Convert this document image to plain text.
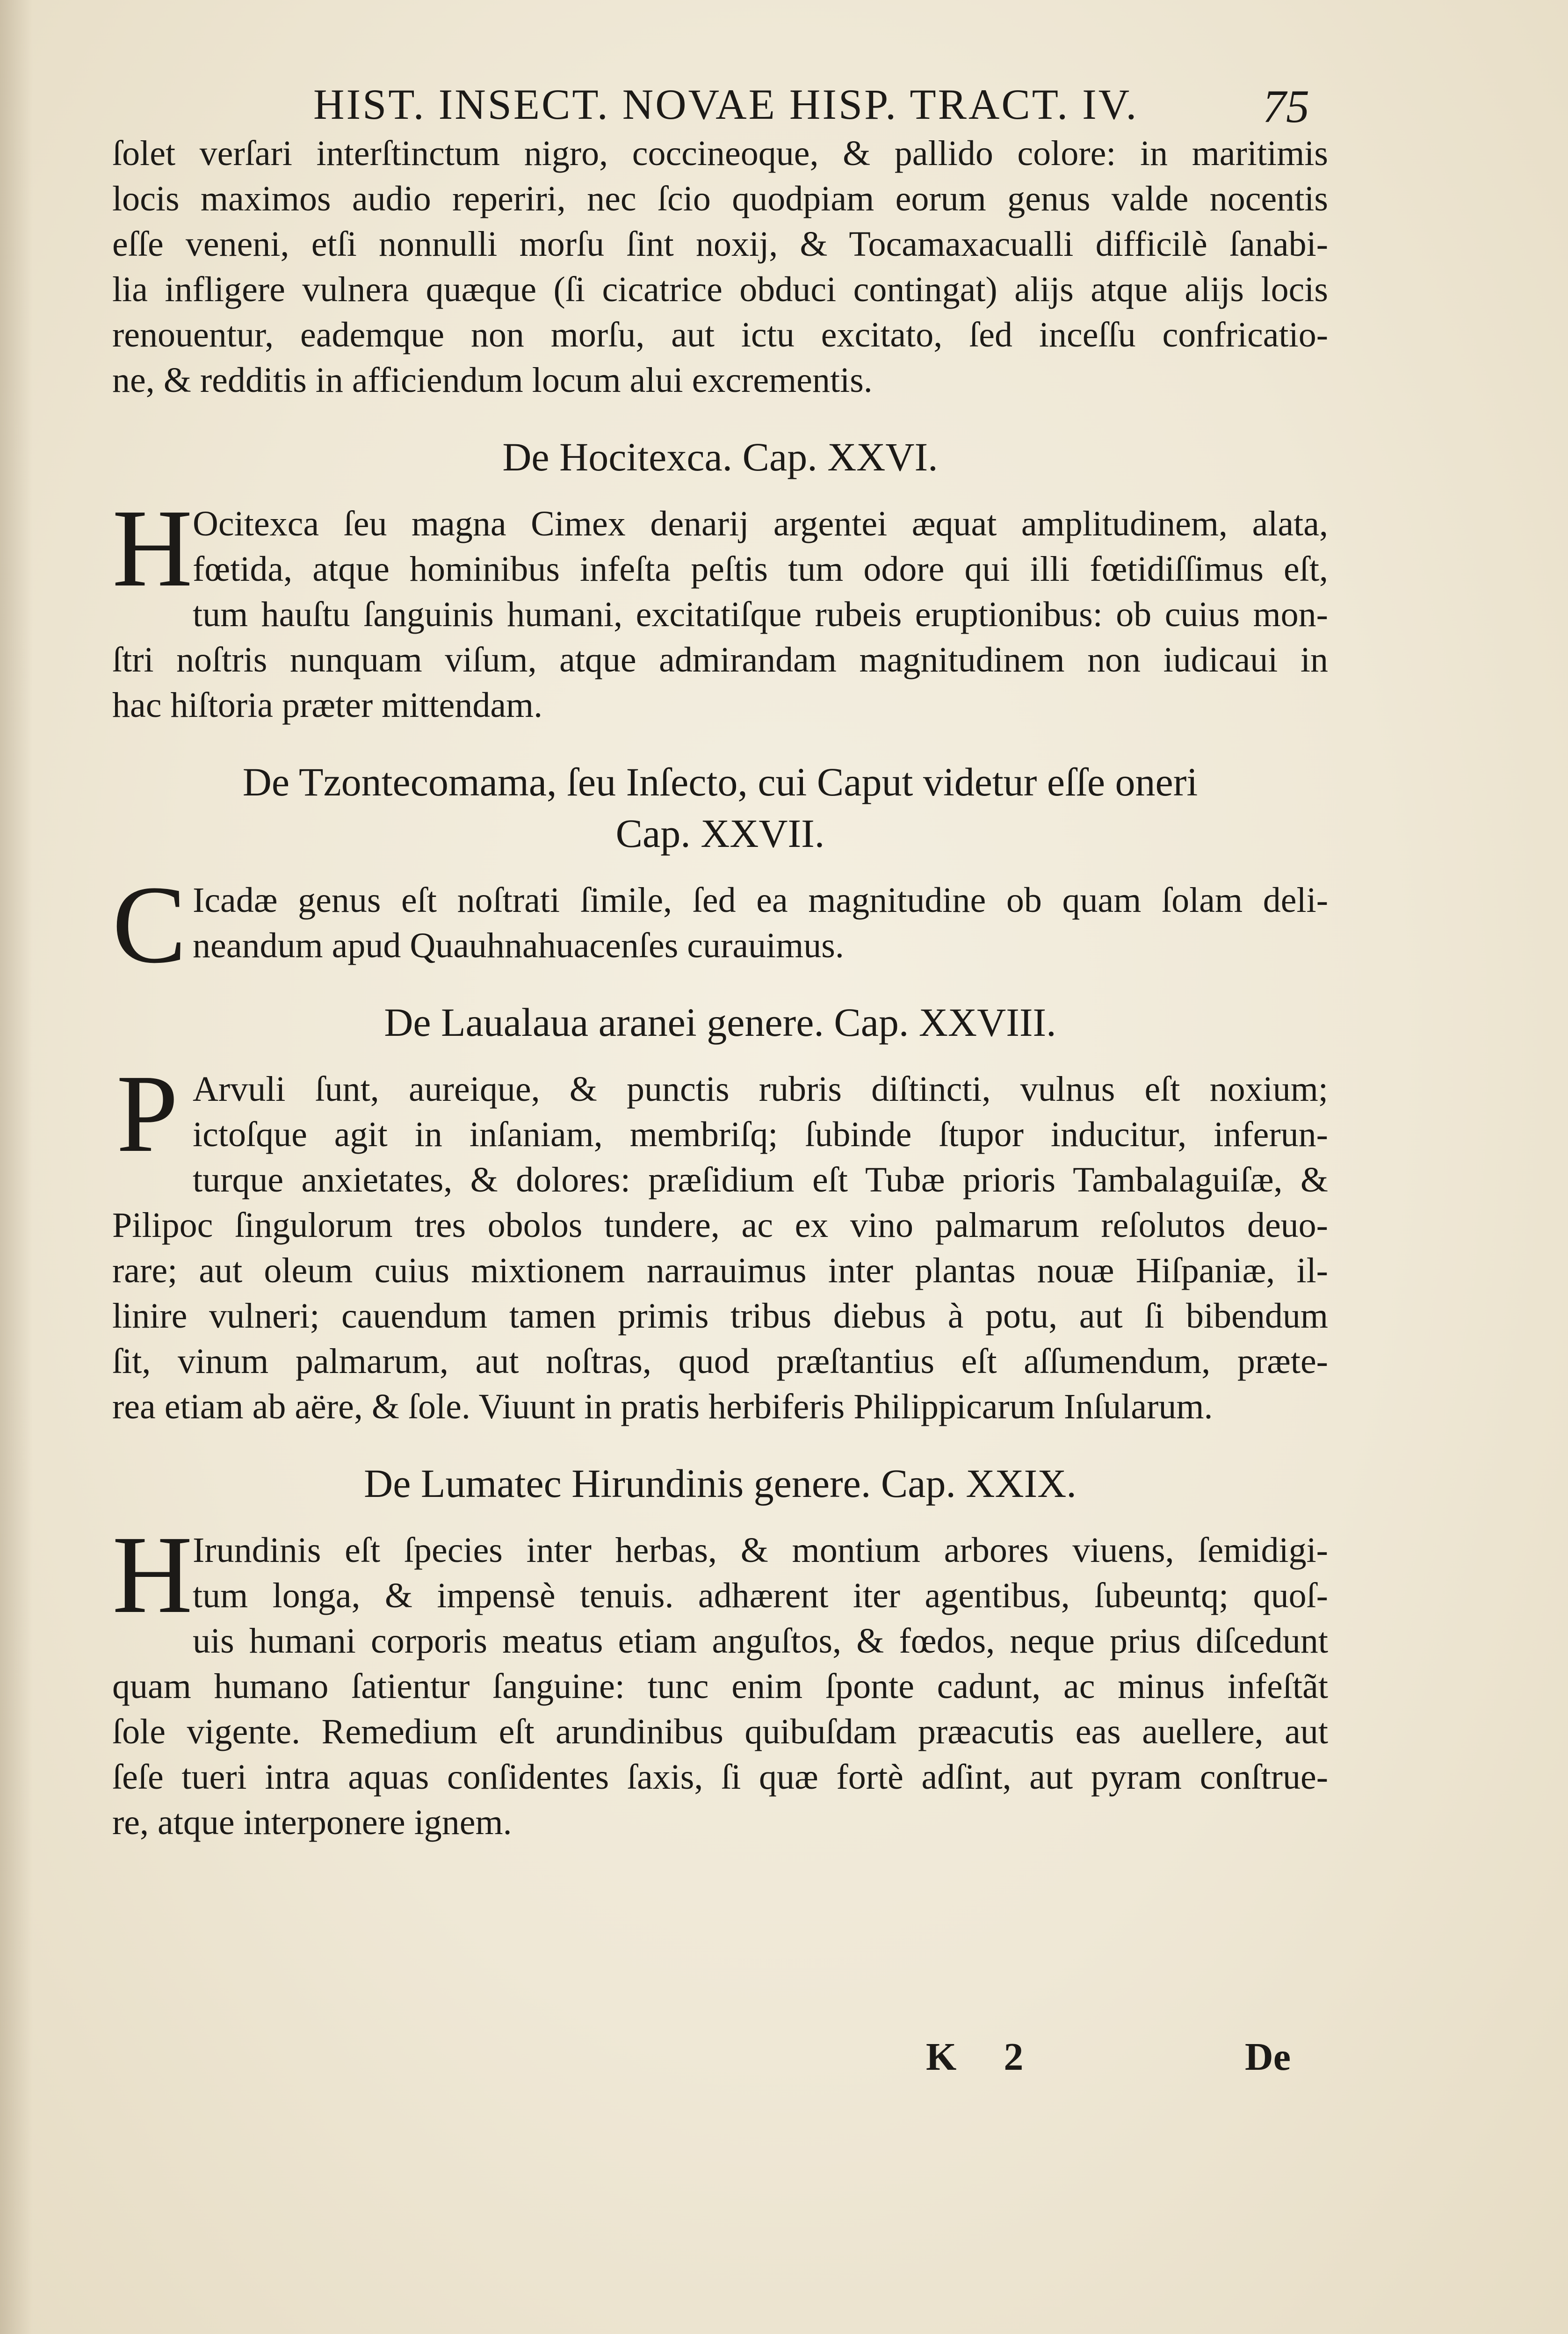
HIST. INSECT. NOVAE HISP. TRACT. IV.	75

ſolet verſari interſtinctum nigro, coccineoque, & pallido colore: in maritimis
locis maximos audio reperiri, nec ſcio quodpiam eorum genus valde nocentis
eſſe veneni, etſi nonnulli morſu ſint noxij, & Tocamaxacualli difficilè ſanabi-
lia infligere vulnera quæque (ſi cicatrice obduci contingat) alijs atque alijs locis
renouentur, eademque non morſu, aut ictu excitato, ſed inceſſu confricatio-
ne, & redditis in afficiendum locum alui excrementis.

De Hocitexca. Cap. XXVI.

H Ocitexca ſeu magna Cimex denarij argentei æquat amplitudinem, alata,
fœtida, atque hominibus infeſta peſtis tum odore qui illi fœtidiſſimus eſt,
tum hauſtu ſanguinis humani, excitatiſque rubeis eruptionibus: ob cuius mon-
ſtri noſtris nunquam viſum, atque admirandam magnitudinem non iudicaui in
hac hiſtoria præter mittendam.

De Tzontecomama, ſeu Inſecto, cui Caput videtur eſſe oneri
Cap. XXVII.

C Icadæ genus eſt noſtrati ſimile, ſed ea magnitudine ob quam ſolam deli-
neandum apud Quauhnahuacenſes curauimus.

De Laualaua aranei genere. Cap. XXVIII.

P Arvuli ſunt, aureique, & punctis rubris diſtincti, vulnus eſt noxium;
ictoſque agit in inſaniam, membriſq; ſubinde ſtupor inducitur, inferun-
turque anxietates, & dolores: præſidium eſt Tubæ prioris Tambalaguiſæ, &
Pilipoc ſingulorum tres obolos tundere, ac ex vino palmarum reſolutos deuo-
rare; aut oleum cuius mixtionem narrauimus inter plantas nouæ Hiſpaniæ, il-
linire vulneri; cauendum tamen primis tribus diebus à potu, aut ſi bibendum
ſit, vinum palmarum, aut noſtras, quod præſtantius eſt aſſumendum, præte-
rea etiam ab aëre, & ſole. Viuunt in pratis herbiferis Philippicarum Inſularum.

De Lumatec Hirundinis genere. Cap. XXIX.

H Irundinis eſt ſpecies inter herbas, & montium arbores viuens, ſemidigi-
tum longa, & impensè tenuis. adhærent iter agentibus, ſubeuntq; quoſ-
uis humani corporis meatus etiam anguſtos, & fœdos, neque prius diſcedunt
quam humano ſatientur ſanguine: tunc enim ſponte cadunt, ac minus infeſtãt
ſole vigente. Remedium eſt arundinibus quibuſdam præacutis eas auellere, aut
ſeſe tueri intra aquas conſidentes ſaxis, ſi quæ fortè adſint, aut pyram conſtrue-
re, atque interponere ignem.

K 2	De
